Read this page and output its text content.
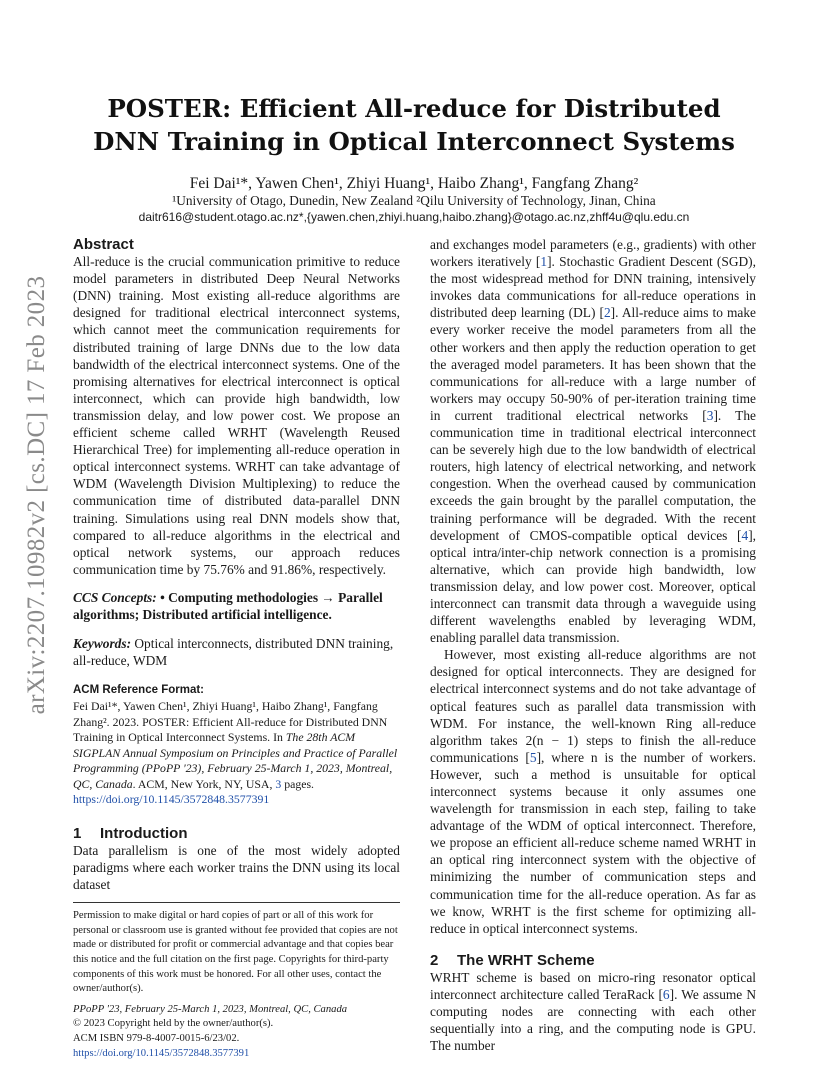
arXiv:2207.10982v2 [cs.DC] 17 Feb 2023
POSTER: Efficient All-reduce for Distributed DNN Training in Optical Interconnect Systems
Fei Dai¹*, Yawen Chen¹, Zhiyi Huang¹, Haibo Zhang¹, Fangfang Zhang²
¹University of Otago, Dunedin, New Zealand ²Qilu University of Technology, Jinan, China
daitr616@student.otago.ac.nz*,{yawen.chen,zhiyi.huang,haibo.zhang}@otago.ac.nz,zhff4u@qlu.edu.cn

Abstract

All-reduce is the crucial communication primitive to reduce model parameters in distributed Deep Neural Networks (DNN) training. Most existing all-reduce algorithms are designed for traditional electrical interconnect systems, which cannot meet the communication requirements for distributed training of large DNNs due to the low data bandwidth of the electrical interconnect systems. One of the promising alternatives for electrical interconnect is optical interconnect, which can provide high bandwidth, low transmission delay, and low power cost. We propose an efficient scheme called WRHT (Wavelength Reused Hierarchical Tree) for implementing all-reduce operation in optical interconnect systems. WRHT can take advantage of WDM (Wavelength Division Multiplexing) to reduce the communication time of distributed data-parallel DNN training. Simulations using real DNN models show that, compared to all-reduce algorithms in the electrical and optical network systems, our approach reduces communication time by 75.76% and 91.86%, respectively.

CCS Concepts: • Computing methodologies → Parallel algorithms; Distributed artificial intelligence.

Keywords: Optical interconnects, distributed DNN training, all-reduce, WDM

ACM Reference Format:

Fei Dai¹*, Yawen Chen¹, Zhiyi Huang¹, Haibo Zhang¹, Fangfang Zhang². 2023. POSTER: Efficient All-reduce for Distributed DNN Training in Optical Interconnect Systems. In The 28th ACM SIGPLAN Annual Symposium on Principles and Practice of Parallel Programming (PPoPP '23), February 25-March 1, 2023, Montreal, QC, Canada. ACM, New York, NY, USA, 3 pages. https://doi.org/10.1145/3572848.3577391

1 Introduction

Data parallelism is one of the most widely adopted paradigms where each worker trains the DNN using its local dataset

Permission to make digital or hard copies of part or all of this work for personal or classroom use is granted without fee provided that copies are not made or distributed for profit or commercial advantage and that copies bear this notice and the full citation on the first page. Copyrights for third-party components of this work must be honored. For all other uses, contact the owner/author(s).

PPoPP '23, February 25-March 1, 2023, Montreal, QC, Canada

© 2023 Copyright held by the owner/author(s).

ACM ISBN 979-8-4007-0015-6/23/02.

https://doi.org/10.1145/3572848.3577391

and exchanges model parameters (e.g., gradients) with other workers iteratively [1]. Stochastic Gradient Descent (SGD), the most widespread method for DNN training, intensively invokes data communications for all-reduce operations in distributed deep learning (DL) [2]. All-reduce aims to make every worker receive the model parameters from all the other workers and then apply the reduction operation to get the averaged model parameters. It has been shown that the communications for all-reduce with a large number of workers may occupy 50-90% of per-iteration training time in current traditional electrical networks [3]. The communication time in traditional electrical interconnect can be severely high due to the low bandwidth of electrical routers, high latency of electrical networking, and network congestion. When the overhead caused by communication exceeds the gain brought by the parallel computation, the training performance will be degraded. With the recent development of CMOS-compatible optical devices [4], optical intra/inter-chip network connection is a promising alternative, which can provide high bandwidth, low transmission delay, and low power cost. Moreover, optical interconnect can transmit data through a waveguide using different wavelengths enabled by leveraging WDM, enabling parallel data transmission.

However, most existing all-reduce algorithms are not designed for optical interconnects. They are designed for electrical interconnect systems and do not take advantage of optical features such as parallel data transmission with WDM. For instance, the well-known Ring all-reduce algorithm takes 2(n − 1) steps to finish the all-reduce communications [5], where n is the number of workers. However, such a method is unsuitable for optical interconnect systems because it only assumes one wavelength for transmission in each step, failing to take advantage of the WDM of optical interconnect. Therefore, we propose an efficient all-reduce scheme named WRHT in an optical ring interconnect system with the objective of minimizing the number of communication steps and communication time for the all-reduce operation. As far as we know, WRHT is the first scheme for optimizing all-reduce in optical interconnect systems.

2 The WRHT Scheme

WRHT scheme is based on micro-ring resonator optical interconnect architecture called TeraRack [6]. We assume N computing nodes are connecting with each other sequentially into a ring, and the computing node is GPU. The number
